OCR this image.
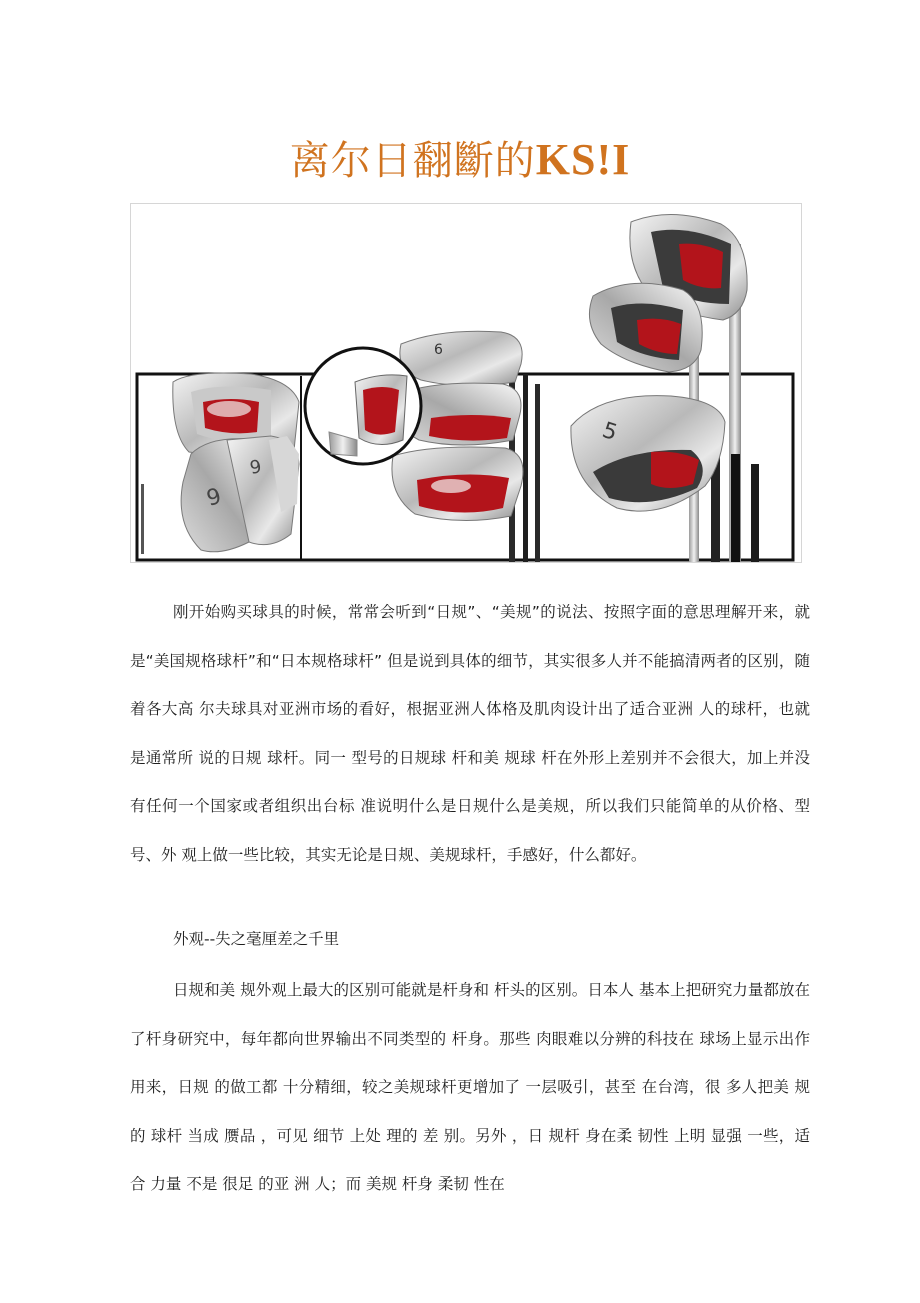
离尔日翻斷的KS!I
9
9
6
5
刚开始购买球具的时候，常常会听到“日规”、“美规”的说法、按照字面的意思理解开来，就是“美国规格球杆”和“日本规格球杆” 但是说到具体的细节，其实很多人并不能搞清两者的区别，随着各大高 尔夫球具对亚洲市场的看好，根据亚洲人体格及肌肉设计出了适合亚洲 人的球杆，也就 是通常所 说的日规 球杆。同一 型号的日规球 杆和美 规球 杆在外形上差别并不会很大，加上并没有任何一个国家或者组织出台标 准说明什么是日规什么是美规，所以我们只能简单的从价格、型号、外 观上做一些比较，其实无论是日规、美规球杆，手感好，什么都好。
外观--失之毫厘差之千里
日规和美 规外观上最大的区别可能就是杆身和 杆头的区别。日本人 基本上把研究力量都放在了杆身研究中，每年都向世界输出不同类型的 杆身。那些 肉眼难以分辨的科技在 球场上显示出作用来，日规 的做工都 十分精细，较之美规球杆更增加了 一层吸引，甚至 在台湾，很 多人把美 规的 球杆 当成 赝品 ，可见 细节 上处 理的 差 别。另外 ，日 规杆 身在柔 韧性 上明 显强 一些，适合 力量 不是 很足 的亚 洲 人；而 美规 杆身 柔韧 性在
